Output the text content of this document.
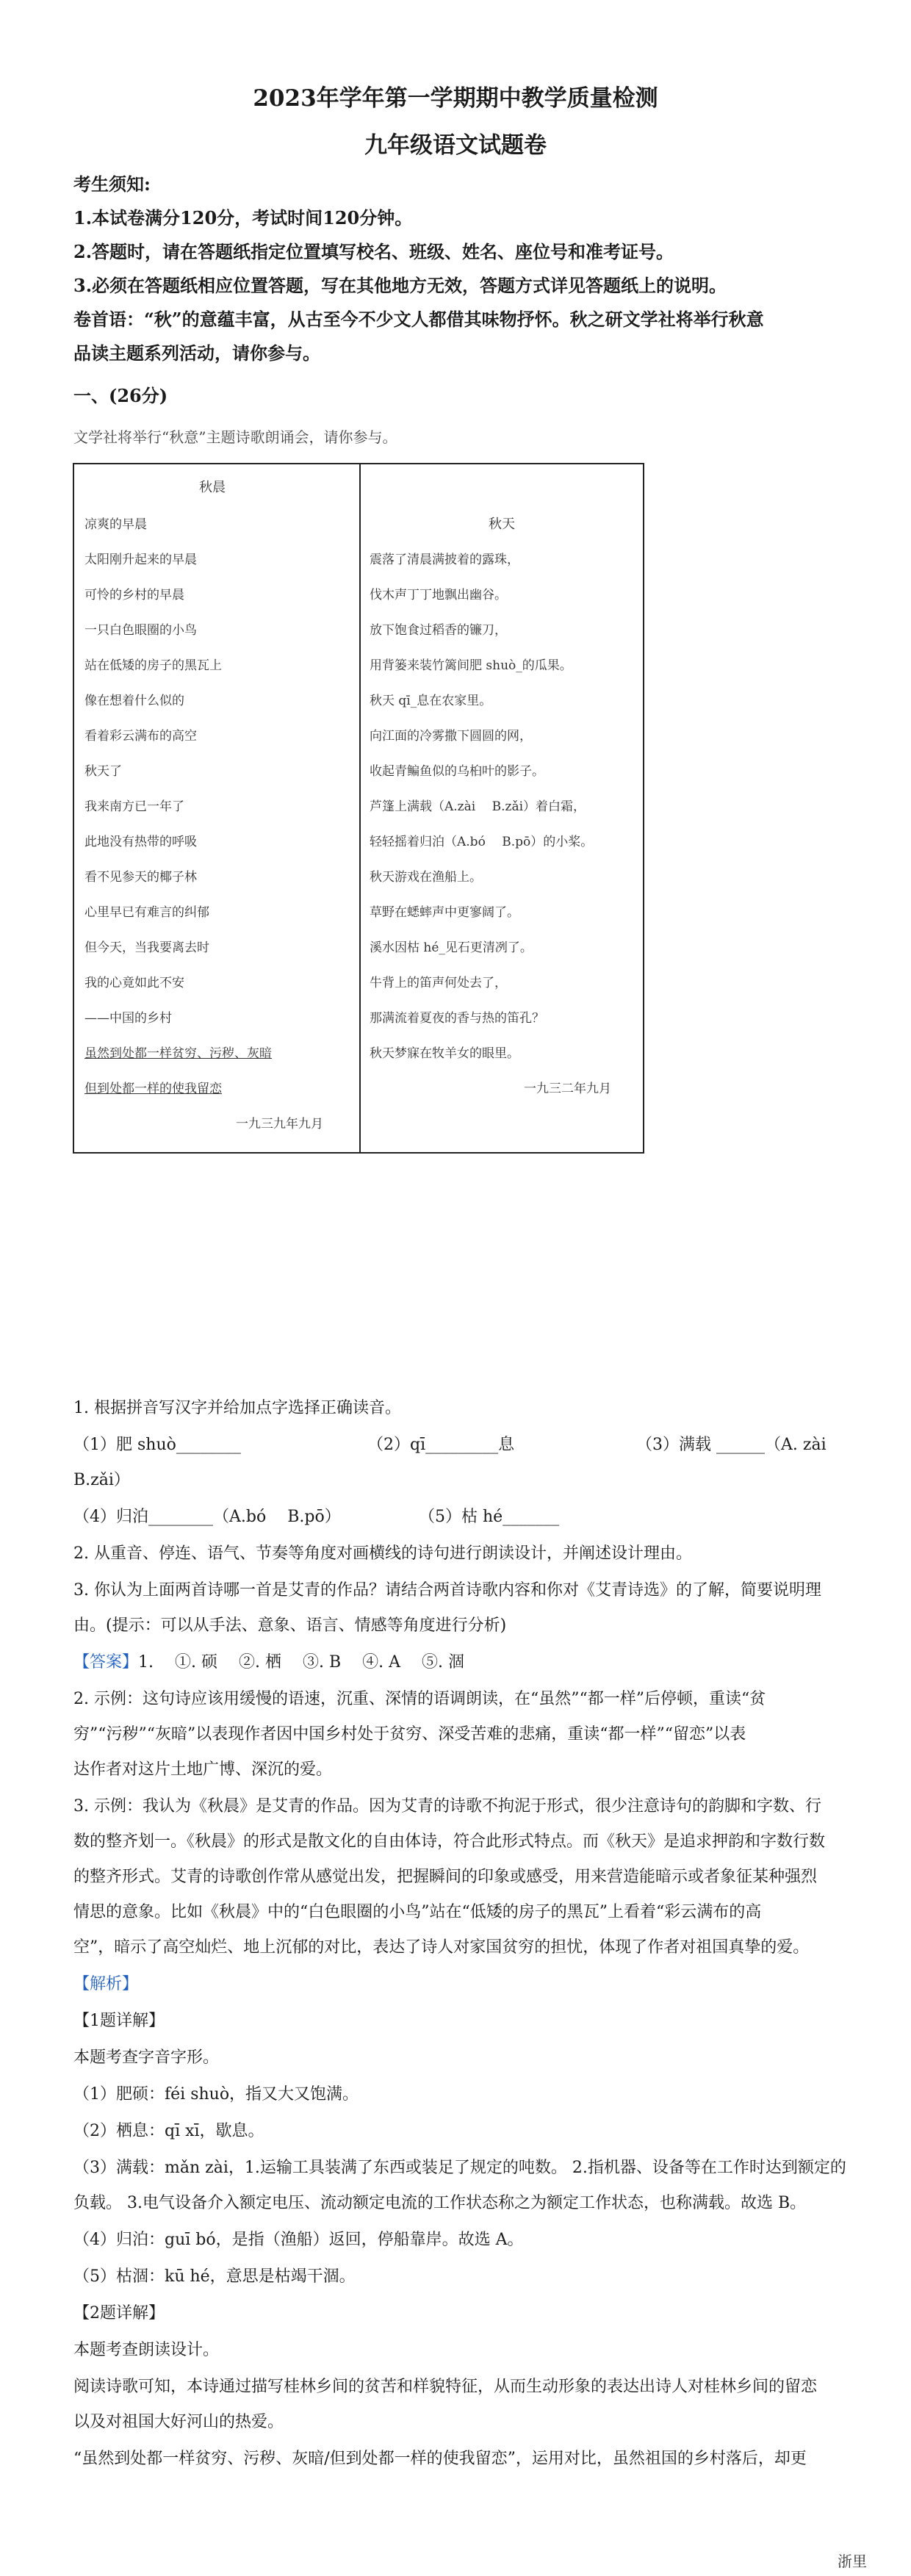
2023年学年第一学期期中教学质量检测
九年级语文试题卷
考生须知:
1.本试卷满分120分，考试时间120分钟。
2.答题时，请在答题纸指定位置填写校名、班级、姓名、座位号和准考证号。
3.必须在答题纸相应位置答题，写在其他地方无效，答题方式详见答题纸上的说明。
卷首语：“秋”的意蕴丰富，从古至今不少文人都借其味物抒怀。秋之研文学社将举行秋意
品读主题系列活动，请你参与。
一、(26分)
文学社将举行“秋意”主题诗歌朗诵会，请你参与。
秋晨
凉爽的早晨
太阳刚升起来的早晨
可怜的乡村的早晨
一只白色眼圈的小鸟
站在低矮的房子的黑瓦上
像在想着什么似的
看着彩云满布的高空
秋天了
我来南方已一年了
此地没有热带的呼吸
看不见参天的椰子林
心里早已有难言的纠郁
但今天，当我要离去时
我的心竟如此不安
——中国的乡村
虽然到处都一样贫穷、污秽、灰暗
但到处都一样的使我留恋
一九三九年九月
秋天
震落了清晨满披着的露珠，
伐木声丁丁地飘出幽谷。
放下饱食过稻香的镰刀，
用背篓来装竹篱间肥 shuò_的瓜果。
秋天 qī_息在农家里。
向江面的冷雾撒下圆圆的网，
收起青鳊鱼似的乌桕叶的影子。
芦篷上满载（A.zài　 B.zǎi）着白霜，
轻轻摇着归泊（A.bó　 B.pō）的小桨。
秋天游戏在渔船上。
草野在蟋蟀声中更寥阔了。
溪水因枯 hé_见石更清冽了。
牛背上的笛声何处去了，
那满流着夏夜的香与热的笛孔？
秋天梦寐在牧羊女的眼里。
一九三二年九月
1. 根据拼音写汉字并给加点字选择正确读音。
（1）肥 shuò________	（2）qī_________息	（3）满载 ______（A. zài
B.zǎi）
（4）归泊________（A.bó　 B.pō）	（5）枯 hé_______
2. 从重音、停连、语气、节奏等角度对画横线的诗句进行朗读设计，并阐述设计理由。
3. 你认为上面两首诗哪一首是艾青的作品？请结合两首诗歌内容和你对《艾青诗选》的了解，简要说明理
由。(提示：可以从手法、意象、语言、情感等角度进行分析)
【答案】1.　 ①. 硕　 ②. 栖　 ③. B　 ④. A　 ⑤. 涸
2. 示例：这句诗应该用缓慢的语速，沉重、深情的语调朗读，在“虽然”“都一样”后停顿，重读“贫
穷”“污秽”“灰暗”以表现作者因中国乡村处于贫穷、深受苦难的悲痛，重读“都一样”“留恋”以表
达作者对这片土地广博、深沉的爱。
3. 示例：我认为《秋晨》是艾青的作品。因为艾青的诗歌不拘泥于形式，很少注意诗句的韵脚和字数、行
数的整齐划一。《秋晨》的形式是散文化的自由体诗，符合此形式特点。而《秋天》是追求押韵和字数行数
的整齐形式。艾青的诗歌创作常从感觉出发，把握瞬间的印象或感受，用来营造能暗示或者象征某种强烈
情思的意象。比如《秋晨》中的“白色眼圈的小鸟”站在“低矮的房子的黑瓦”上看着“彩云满布的高
空”，暗示了高空灿烂、地上沉郁的对比，表达了诗人对家国贫穷的担忧，体现了作者对祖国真挚的爱。
【解析】
【1题详解】
本题考查字音字形。
（1）肥硕：féi shuò，指又大又饱满。
（2）栖息：qī xī，歇息。
（3）满载：mǎn zài，1.运输工具装满了东西或装足了规定的吨数。 2.指机器、设备等在工作时达到额定的
负载。 3.电气设备介入额定电压、流动额定电流的工作状态称之为额定工作状态，也称满载。故选 B。
（4）归泊：guī bó，是指（渔船）返回，停船靠岸。故选 A。
（5）枯涸：kū hé，意思是枯竭干涸。
【2题详解】
本题考查朗读设计。
阅读诗歌可知，本诗通过描写桂林乡间的贫苦和样貌特征，从而生动形象的表达出诗人对桂林乡间的留恋
以及对祖国大好河山的热爱。
“虽然到处都一样贫穷、污秽、灰暗/但到处都一样的使我留恋”，运用对比，虽然祖国的乡村落后，却更
浙里
